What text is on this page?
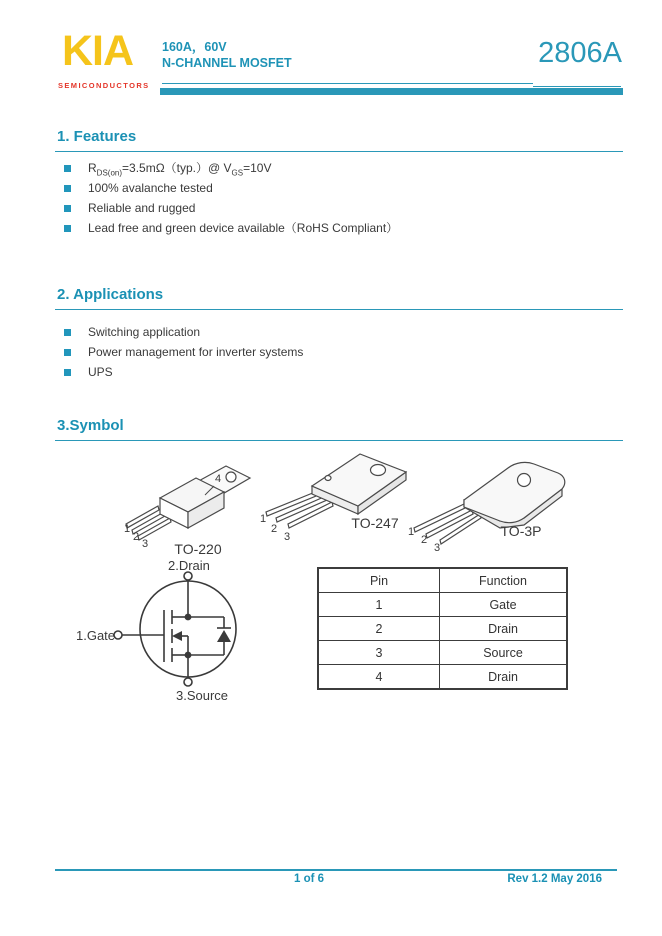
KIA
SEMICONDUCTORS
160A，60V
N-CHANNEL MOSFET	2806A
1. Features
$R_{DS(on)}=3.5m\Omega(typ.)@$ $V_{GS}=10V$
100% avalanche tested
Reliable and rugged
Lead free and green device available（RoHS Compliant）
2. Applications
Switching application
Power management for inverter systems
UPS
3.Symbol
1
2
3
4
TO-220
1
2
3
TO-247
1
2
3
TO-3P
2.Drain
1.Gate
3.Source
Pin	Function
1	Gate
2	Drain
3	Source
4	Drain
1 of 6	Rev 1.2 May 2016
